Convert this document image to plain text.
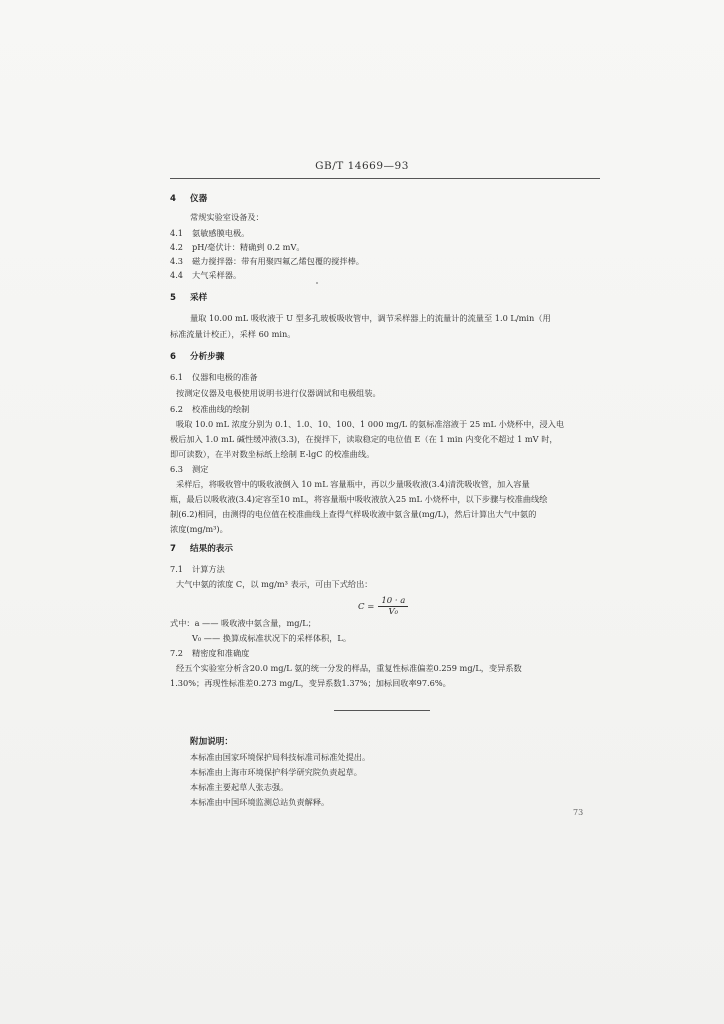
GB/T 14669—93
4 仪器
常规实验室设备及：
4.1 氨敏感膜电极。
4.2 pH/毫伏计：精确到 0.2 mV。
4.3 磁力搅拌器：带有用聚四氟乙烯包覆的搅拌棒。
4.4 大气采样器。
5 采样
量取 10.00 mL 吸收液于 U 型多孔玻板吸收管中，调节采样器上的流量计的流量至 1.0 L/min（用
标准流量计校正），采样 60 min。
6 分析步骤
6.1 仪器和电极的准备
按测定仪器及电极使用说明书进行仪器调试和电极组装。
6.2 校准曲线的绘制
吸取 10.0 mL 浓度分别为 0.1、1.0、10、100、1 000 mg/L 的氨标准溶液于 25 mL 小烧杯中，浸入电
极后加入 1.0 mL 碱性缓冲液(3.3)，在搅拌下，读取稳定的电位值 E（在 1 min 内变化不超过 1 mV 时，
即可读数），在半对数坐标纸上绘制 E-lgC 的校准曲线。
6.3 测定
采样后，将吸收管中的吸收液倒入 10 mL 容量瓶中，再以少量吸收液(3.4)清洗吸收管，加入容量
瓶，最后以吸收液(3.4)定容至10 mL，将容量瓶中吸收液放入25 mL 小烧杯中，以下步骤与校准曲线绘
制(6.2)相同，由测得的电位值在校准曲线上查得气样吸收液中氨含量(mg/L)，然后计算出大气中氨的
浓度(mg/m³)。
7 结果的表示
7.1 计算方法
大气中氨的浓度 C，以 mg/m³ 表示，可由下式给出：
$C = \frac{10 \cdot a}{\text{V₀}}$
式中：a —— 吸收液中氨含量，mg/L；
V₀ —— 换算成标准状况下的采样体积，L。
7.2 精密度和准确度
经五个实验室分析含20.0 mg/L 氨的统一分发的样品，重复性标准偏差0.259 mg/L，变异系数
1.30%；再现性标准差0.273 mg/L，变异系数1.37%；加标回收率97.6%。
附加说明：
本标准由国家环境保护局科技标准司标准处提出。
本标准由上海市环境保护科学研究院负责起草。
本标准主要起草人张志强。
本标准由中国环境监测总站负责解释。
73
